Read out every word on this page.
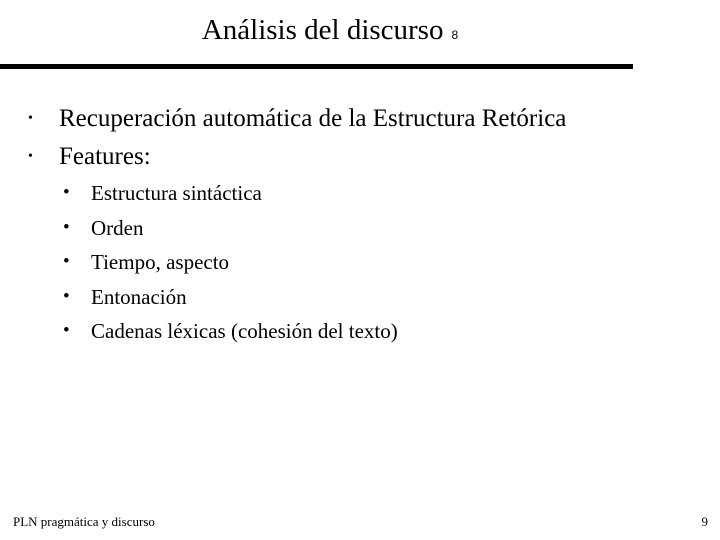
Análisis del discurso 8
• Recuperación automática de la Estructura Retórica
• Features:
• Estructura sintáctica
• Orden
• Tiempo, aspecto
• Entonación
• Cadenas léxicas (cohesión del texto)
PLN pragmática y discurso	9
